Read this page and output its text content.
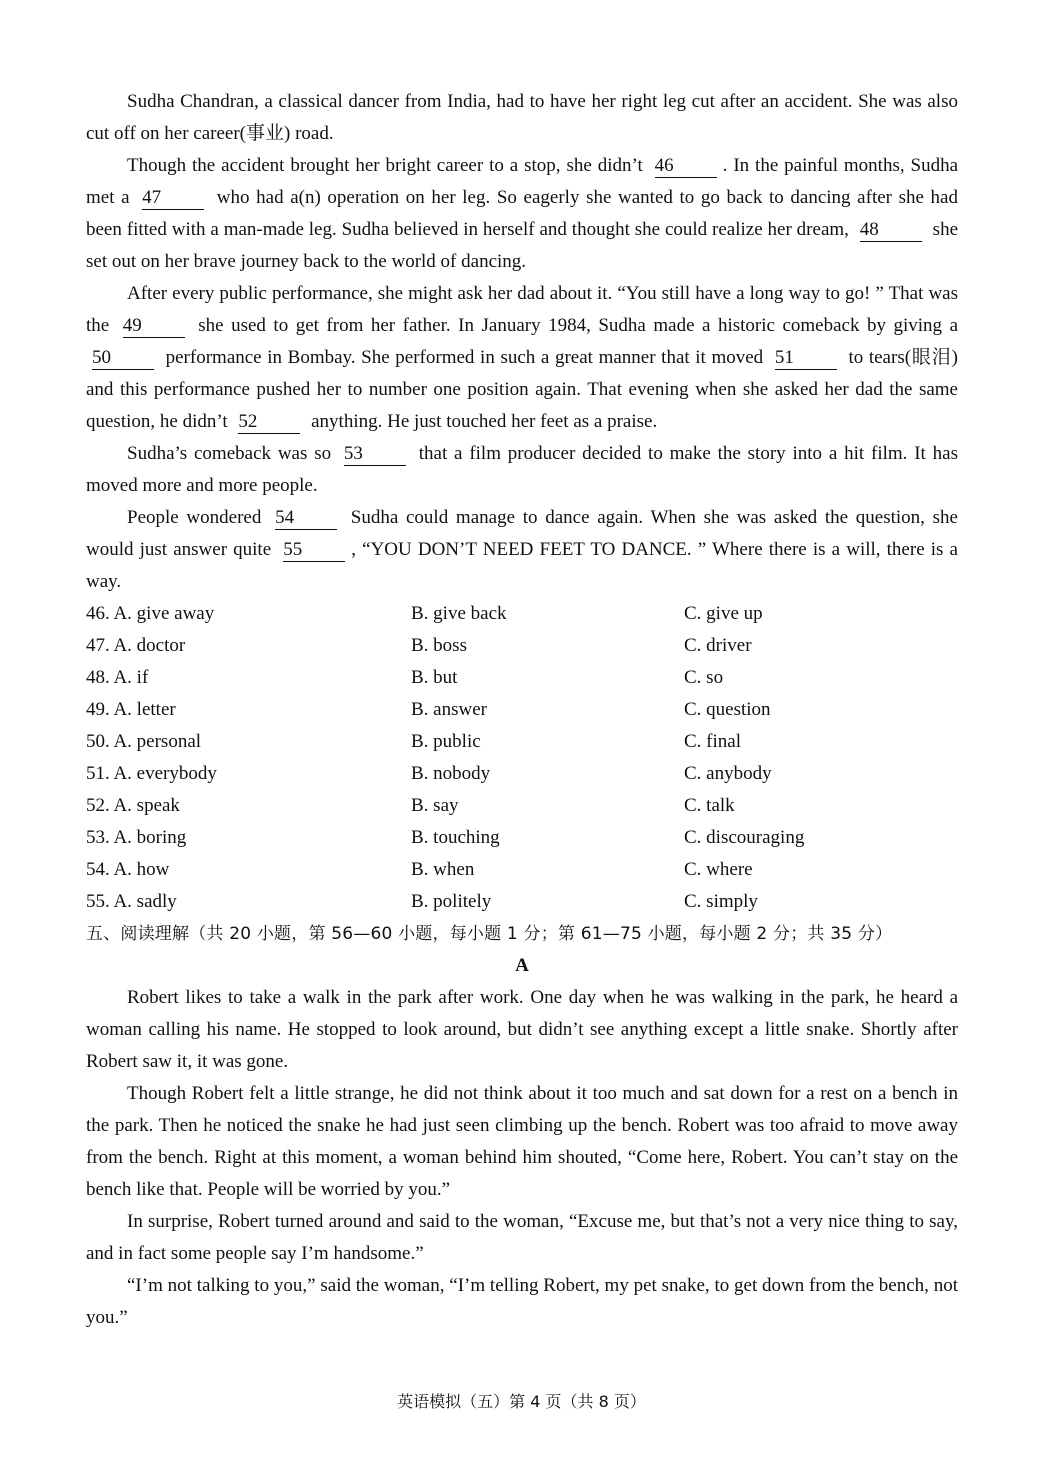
Sudha Chandran, a classical dancer from India, had to have her right leg cut after an accident. She was also cut off on her career(事业) road.

Though the accident brought her bright career to a stop, she didn’t 46	. In the painful months, Sudha met a 47	who had a(n) operation on her leg. So eagerly she wanted to go back to dancing after she had been fitted with a man-made leg. Sudha believed in herself and thought she could realize her dream, 48	she set out on her brave journey back to the world of dancing.

After every public performance, she might ask her dad about it. “You still have a long way to go! ” That was the 49	she used to get from her father. In January 1984, Sudha made a historic comeback by giving a 50	performance in Bombay. She performed in such a great manner that it moved 51	to tears(眼泪) and this performance pushed her to number one position again. That evening when she asked her dad the same question, he didn’t 52	anything. He just touched her feet as a praise.

Sudha’s comeback was so 53	that a film producer decided to make the story into a hit film. It has moved more and more people.

People wondered 54	Sudha could manage to dance again. When she was asked the question, she would just answer quite 55	, “YOU DON’T NEED FEET TO DANCE. ” Where there is a will, there is a way.

46. A. give away	B. give back	C. give up
47. A. doctor	B. boss	C. driver
48. A. if	B. but	C. so
49. A. letter	B. answer	C. question
50. A. personal	B. public	C. final
51. A. everybody	B. nobody	C. anybody
52. A. speak	B. say	C. talk
53. A. boring	B. touching	C. discouraging
54. A. how	B. when	C. where
55. A. sadly	B. politely	C. simply

五、阅读理解（共 20 小题，第 56—60 小题，每小题 1 分；第 61—75 小题，每小题 2 分；共 35 分）

A

Robert likes to take a walk in the park after work. One day when he was walking in the park, he heard a woman calling his name. He stopped to look around, but didn’t see anything except a little snake. Shortly after Robert saw it, it was gone.

Though Robert felt a little strange, he did not think about it too much and sat down for a rest on a bench in the park. Then he noticed the snake he had just seen climbing up the bench. Robert was too afraid to move away from the bench. Right at this moment, a woman behind him shouted, “Come here, Robert. You can’t stay on the bench like that. People will be worried by you.”

In surprise, Robert turned around and said to the woman, “Excuse me, but that’s not a very nice thing to say, and in fact some people say I’m handsome.”

“I’m not talking to you,” said the woman, “I’m telling Robert, my pet snake, to get down from the bench, not you.”

英语模拟（五）第 4 页（共 8 页）
